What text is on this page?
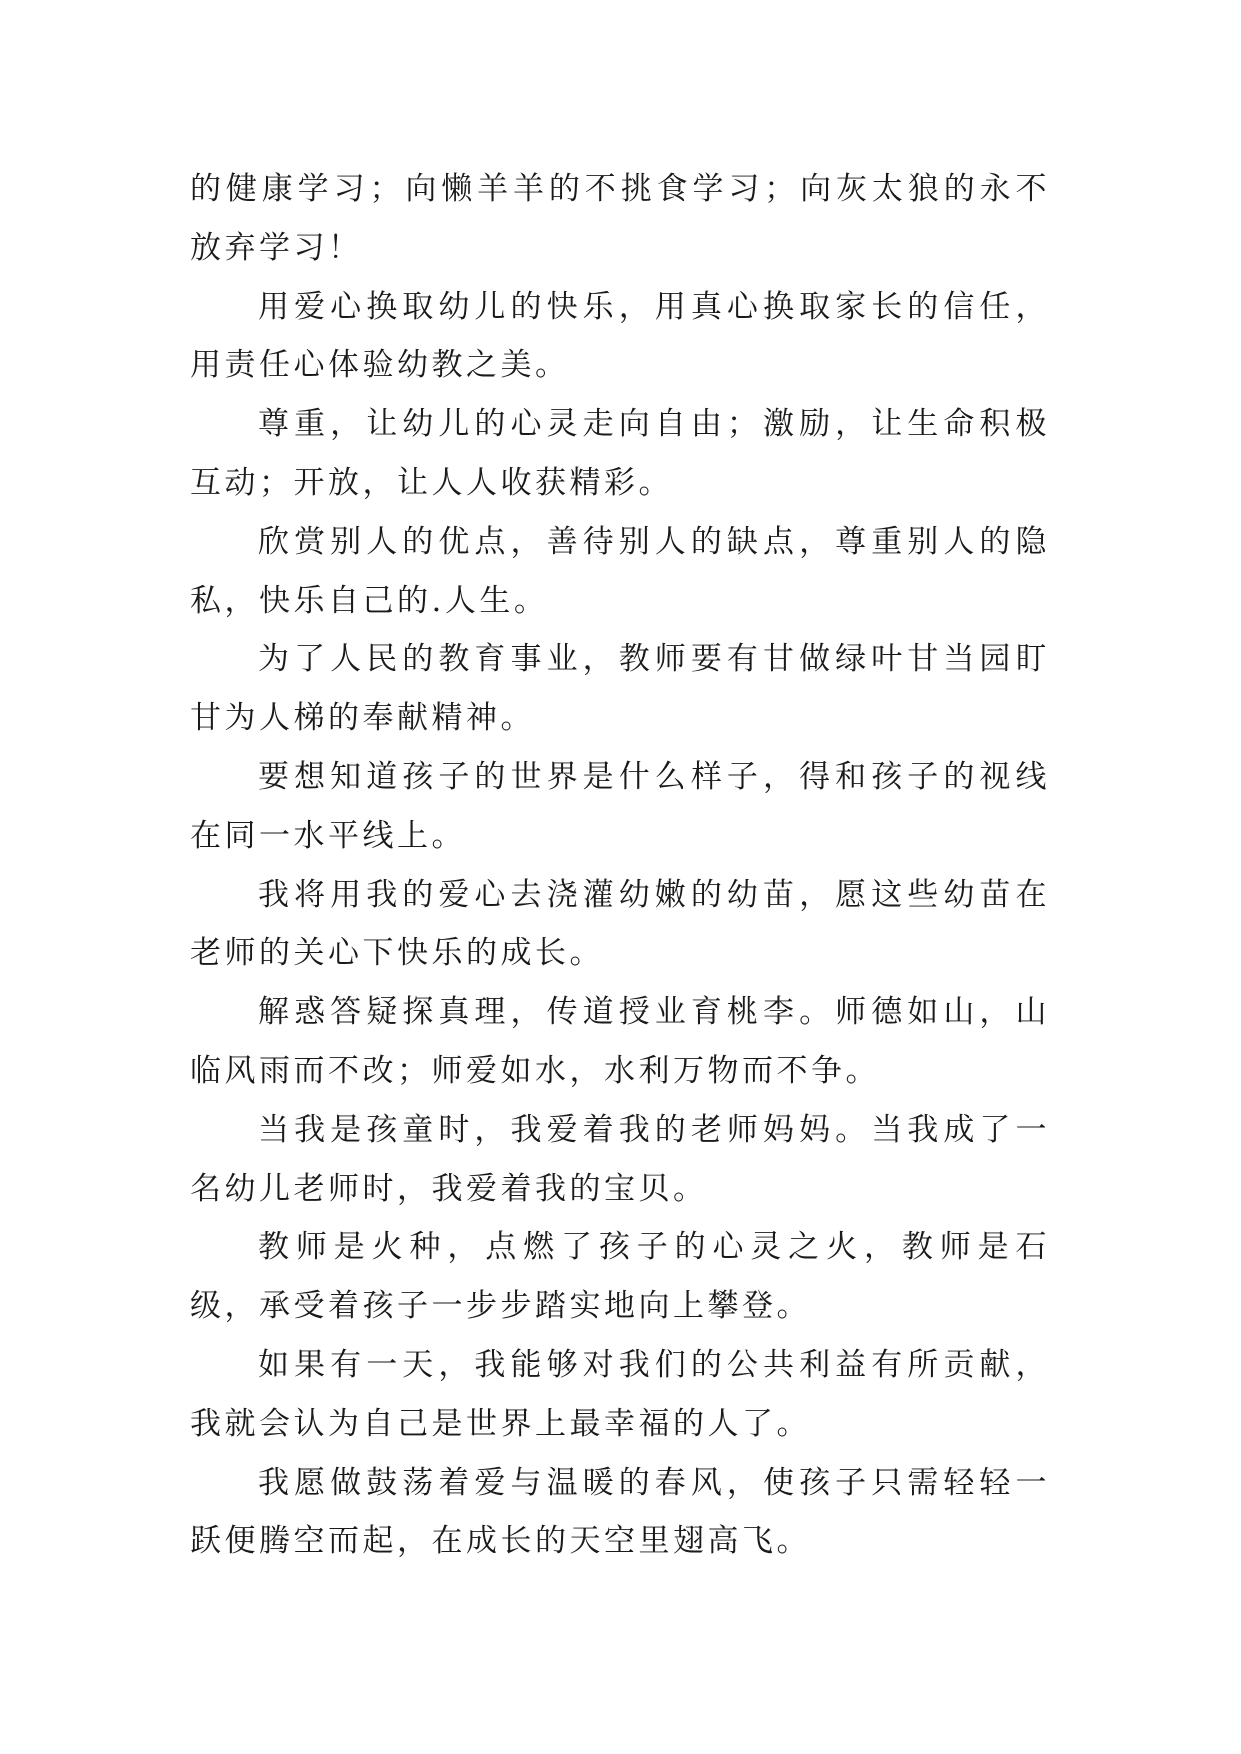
的健康学习；向懒羊羊的不挑食学习；向灰太狼的永不放弃学习！

用爱心换取幼儿的快乐，用真心换取家长的信任，用责任心体验幼教之美。

尊重，让幼儿的心灵走向自由；激励，让生命积极互动；开放，让人人收获精彩。

欣赏别人的优点，善待别人的缺点，尊重别人的隐私，快乐自己的.人生。

为了人民的教育事业，教师要有甘做绿叶甘当园盯甘为人梯的奉献精神。

要想知道孩子的世界是什么样子，得和孩子的视线在同一水平线上。

我将用我的爱心去浇灌幼嫩的幼苗，愿这些幼苗在老师的关心下快乐的成长。

解惑答疑探真理，传道授业育桃李。师德如山，山临风雨而不改；师爱如水，水利万物而不争。

当我是孩童时，我爱着我的老师妈妈。当我成了一名幼儿老师时，我爱着我的宝贝。

教师是火种，点燃了孩子的心灵之火，教师是石级，承受着孩子一步步踏实地向上攀登。

如果有一天，我能够对我们的公共利益有所贡献，我就会认为自己是世界上最幸福的人了。

我愿做鼓荡着爱与温暖的春风，使孩子只需轻轻一跃便腾空而起，在成长的天空里翅高飞。
